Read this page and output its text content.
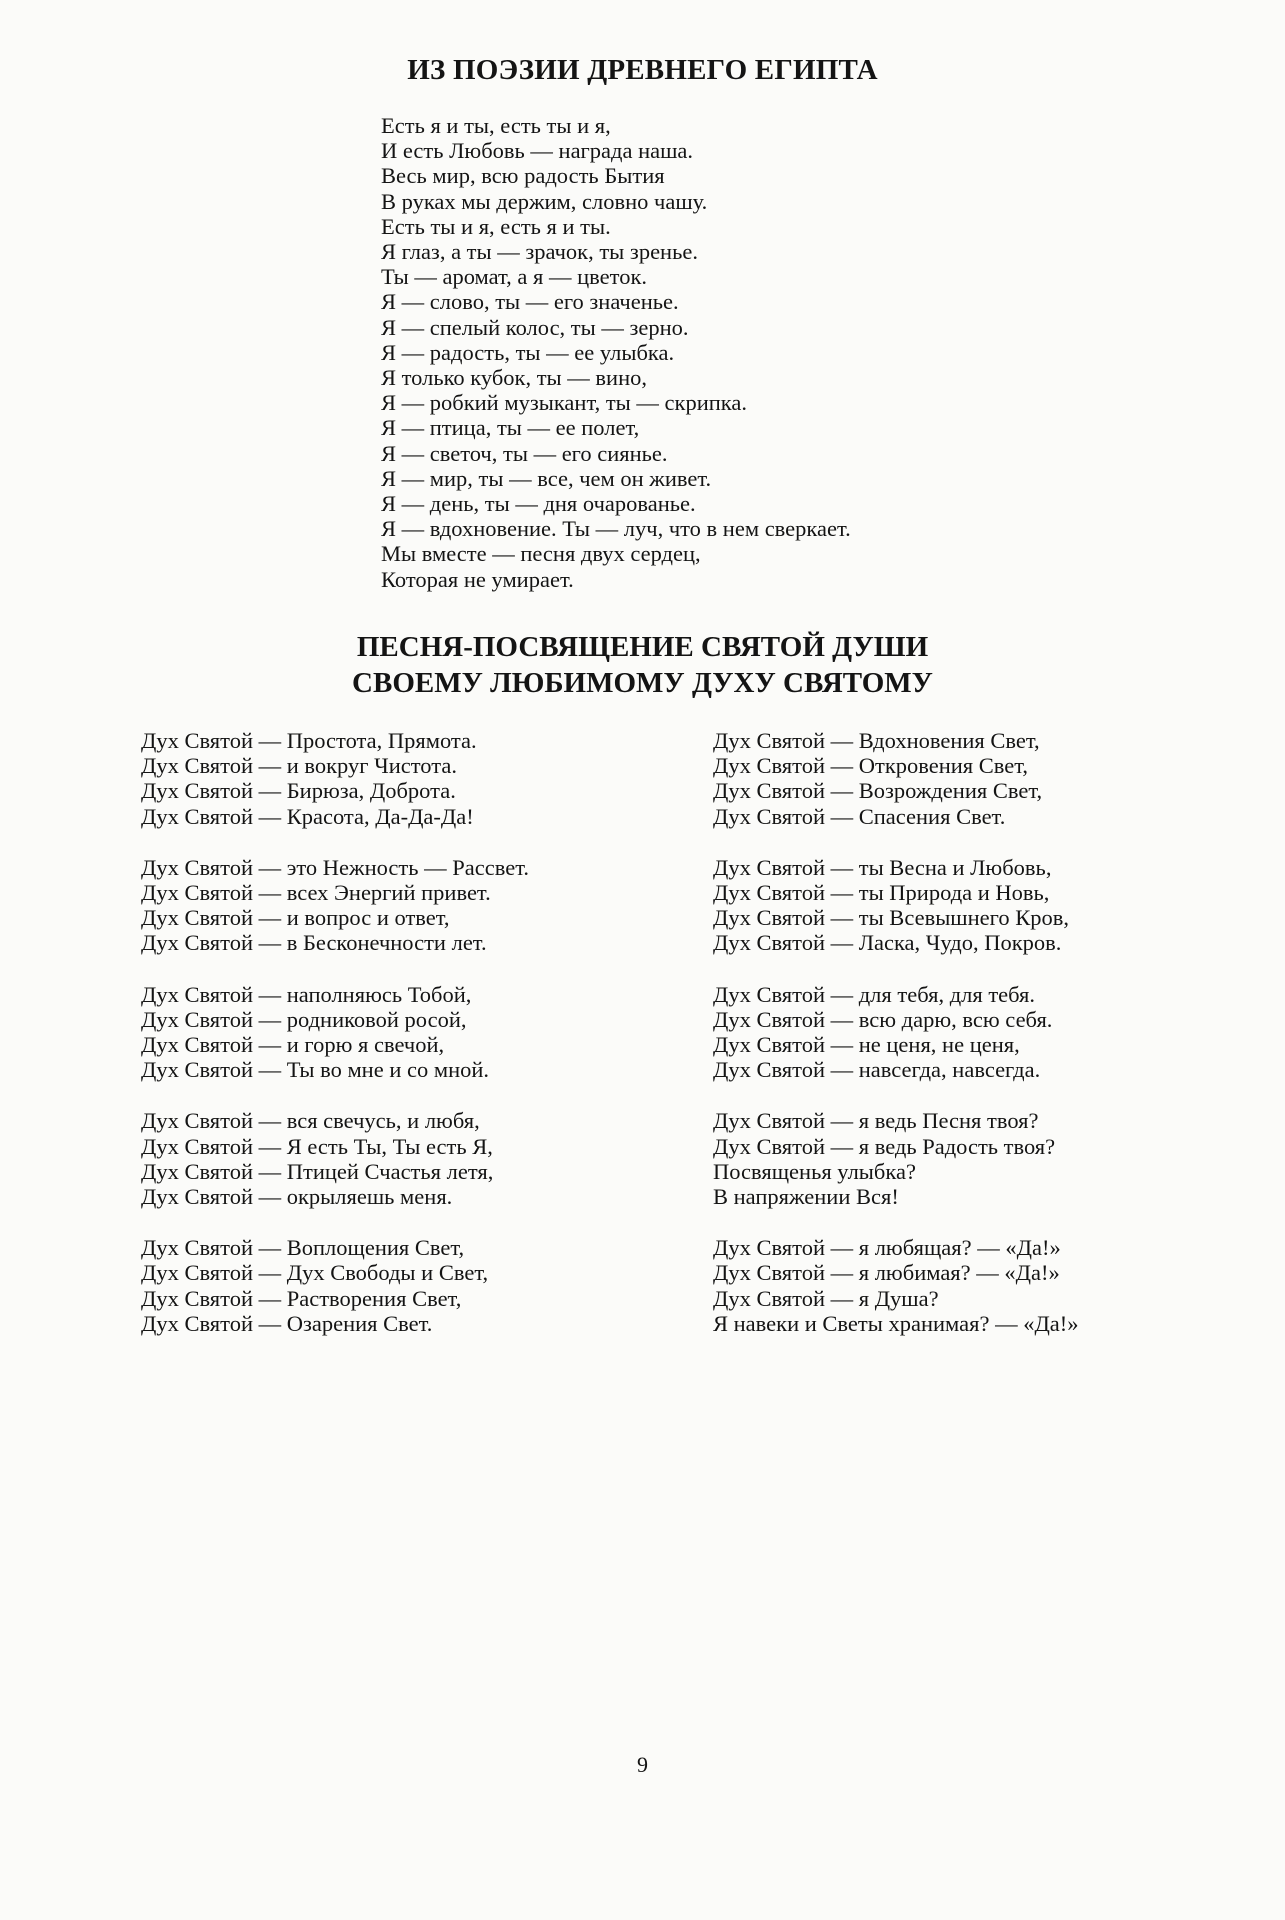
ИЗ ПОЭЗИИ ДРЕВНЕГО ЕГИПТА
Есть я и ты, есть ты и я,
И есть Любовь — награда наша.
Весь мир, всю радость Бытия
В руках мы держим, словно чашу.
Есть ты и я, есть я и ты.
Я глаз, а ты — зрачок, ты зренье.
Ты — аромат, а я — цветок.
Я — слово, ты — его значенье.
Я — спелый колос, ты — зерно.
Я — радость, ты — ее улыбка.
Я только кубок, ты — вино,
Я — робкий музыкант, ты — скрипка.
Я — птица, ты — ее полет,
Я — светоч, ты — его сиянье.
Я — мир, ты — все, чем он живет.
Я — день, ты — дня очарованье.
Я — вдохновение. Ты — луч, что в нем сверкает.
Мы вместе — песня двух сердец,
Которая не умирает.
ПЕСНЯ-ПОСВЯЩЕНИЕ СВЯТОЙ ДУШИ
СВОЕМУ ЛЮБИМОМУ ДУХУ СВЯТОМУ
Дух Святой — Простота, Прямота.
Дух Святой — и вокруг Чистота.
Дух Святой — Бирюза, Доброта.
Дух Святой — Красота, Да-Да-Да!
Дух Святой — это Нежность — Рассвет.
Дух Святой — всех Энергий привет.
Дух Святой — и вопрос и ответ,
Дух Святой — в Бесконечности лет.
Дух Святой — наполняюсь Тобой,
Дух Святой — родниковой росой,
Дух Святой — и горю я свечой,
Дух Святой — Ты во мне и со мной.
Дух Святой — вся свечусь, и любя,
Дух Святой — Я есть Ты, Ты есть Я,
Дух Святой — Птицей Счастья летя,
Дух Святой — окрыляешь меня.
Дух Святой — Воплощения Свет,
Дух Святой — Дух Свободы и Свет,
Дух Святой — Растворения Свет,
Дух Святой — Озарения Свет.
Дух Святой — Вдохновения Свет,
Дух Святой — Откровения Свет,
Дух Святой — Возрождения Свет,
Дух Святой — Спасения Свет.
Дух Святой — ты Весна и Любовь,
Дух Святой — ты Природа и Новь,
Дух Святой — ты Всевышнего Кров,
Дух Святой — Ласка, Чудо, Покров.
Дух Святой — для тебя, для тебя.
Дух Святой — всю дарю, всю себя.
Дух Святой — не ценя, не ценя,
Дух Святой — навсегда, навсегда.
Дух Святой — я ведь Песня твоя?
Дух Святой — я ведь Радость твоя?
Посвященья улыбка?
В напряжении Вся!
Дух Святой — я любящая? — «Да!»
Дух Святой — я любимая? — «Да!»
Дух Святой — я Душа?
Я навеки и Светы хранимая? — «Да!»
9
